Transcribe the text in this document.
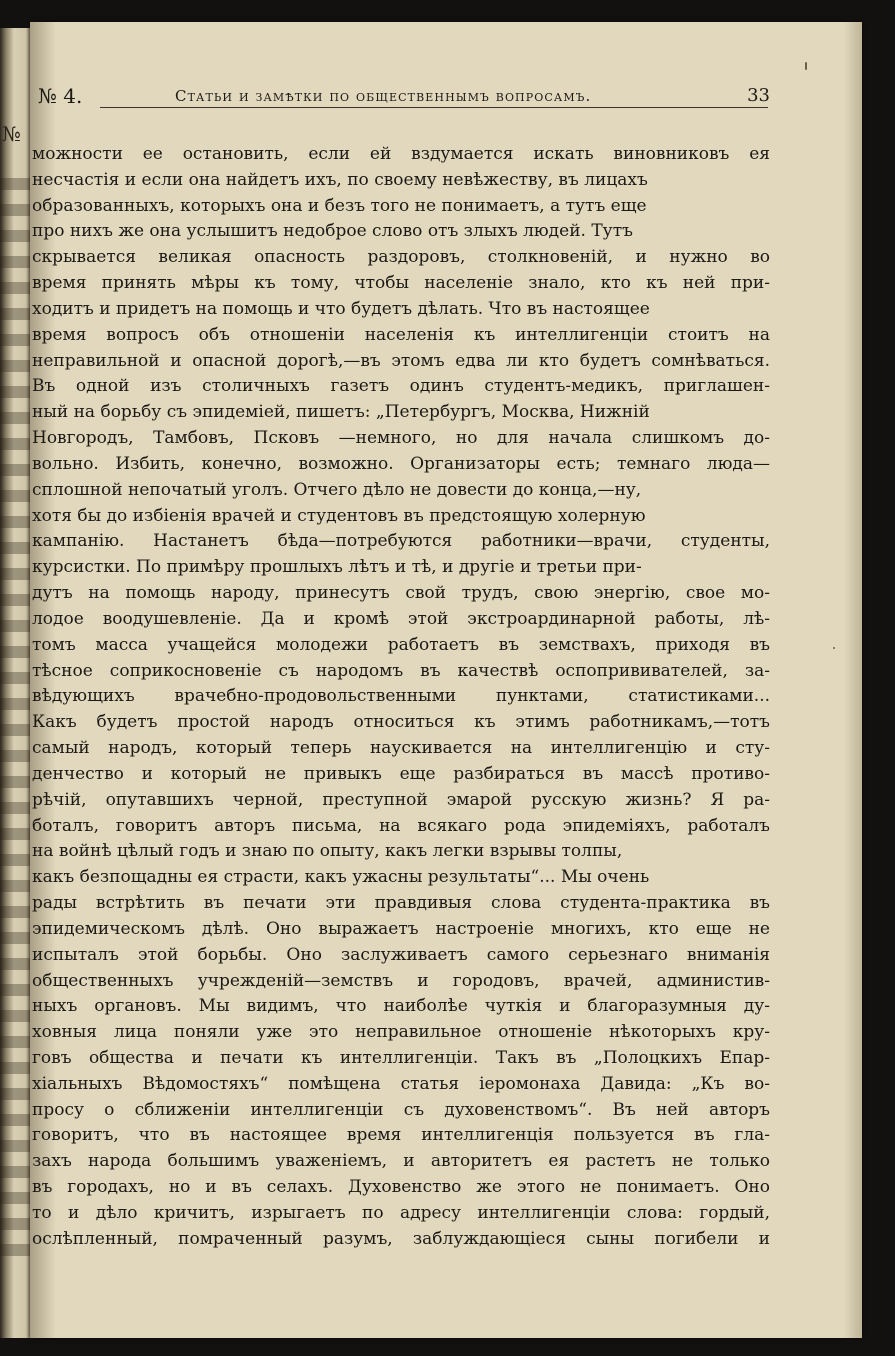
№
№ 4.	Статьи и замѣтки по общественнымъ вопросамъ.	33
можности ее остановить, если ей вздумается искать виновниковъ ея
несчастія и если она найдетъ ихъ, по своему невѣжеству, въ лицахъ
образованныхъ, которыхъ она и безъ того не понимаетъ, а тутъ еще
про нихъ же она услышитъ недоброе слово отъ злыхъ людей. Тутъ
скрывается великая опасность раздоровъ, столкновеній, и нужно во
время принять мѣры къ тому, чтобы населеніе знало, кто къ ней при-
ходитъ и придетъ на помощь и что будетъ дѣлать. Что въ настоящее
время вопросъ объ отношеніи населенія къ интеллигенціи стоитъ на
неправильной и опасной дорогѣ,—въ этомъ едва ли кто будетъ сомнѣваться.
Въ одной изъ столичныхъ газетъ одинъ студентъ-медикъ, приглашен-
ный на борьбу съ эпидеміей, пишетъ: „Петербургъ, Москва, Нижній
Новгородъ, Тамбовъ, Псковъ —немного, но для начала слишкомъ до-
вольно. Избить, конечно, возможно. Организаторы есть; темнаго люда—
сплошной непочатый уголъ. Отчего дѣло не довести до конца,—ну,
хотя бы до избіенія врачей и студентовъ въ предстоящую холерную
кампанію. Настанетъ бѣда—потребуются работники—врачи, студенты,
курсистки. По примѣру прошлыхъ лѣтъ и тѣ, и другіе и третьи при-
дутъ на помощь народу, принесутъ свой трудъ, свою энергію, свое мо-
лодое воодушевленіе. Да и кромѣ этой экстроардинарной работы, лѣ-
томъ масса учащейся молодежи работаетъ въ земствахъ, приходя въ
тѣсное соприкосновеніе съ народомъ въ качествѣ оспопрививателей, за-
вѣдующихъ врачебно-продовольственными пунктами, статистиками...
Какъ будетъ простой народъ относиться къ этимъ работникамъ,—тотъ
самый народъ, который теперь наускивается на интеллигенцію и сту-
денчество и который не привыкъ еще разбираться въ массѣ противо-
рѣчій, опутавшихъ черной, преступной эмарой русскую жизнь? Я ра-
боталъ, говоритъ авторъ письма, на всякаго рода эпидеміяхъ, работалъ
на войнѣ цѣлый годъ и знаю по опыту, какъ легки взрывы толпы,
какъ безпощадны ея страсти, какъ ужасны результаты“... Мы очень
рады встрѣтить въ печати эти правдивыя слова студента-практика въ
эпидемическомъ дѣлѣ. Оно выражаетъ настроеніе многихъ, кто еще не
испыталъ этой борьбы. Оно заслуживаетъ самого серьезнаго вниманія
общественныхъ учрежденій—земствъ и городовъ, врачей, администив-
ныхъ органовъ. Мы видимъ, что наиболѣе чуткія и благоразумныя ду-
ховныя лица поняли уже это неправильное отношеніе нѣкоторыхъ кру-
говъ общества и печати къ интеллигенціи. Такъ въ „Полоцкихъ Епар-
хіальныхъ Вѣдомостяхъ“ помѣщена статья іеромонаха Давида: „Къ во-
просу о сближеніи интеллигенціи съ духовенствомъ“. Въ ней авторъ
говоритъ, что въ настоящее время интеллигенція пользуется въ гла-
захъ народа большимъ уваженіемъ, и авторитетъ ея растетъ не только
въ городахъ, но и въ селахъ. Духовенство же этого не понимаетъ. Оно
то и дѣло кричитъ, изрыгаетъ по адресу интеллигенціи слова: гордый,
ослѣпленный, помраченный разумъ, заблуждающіеся сыны погибели и
